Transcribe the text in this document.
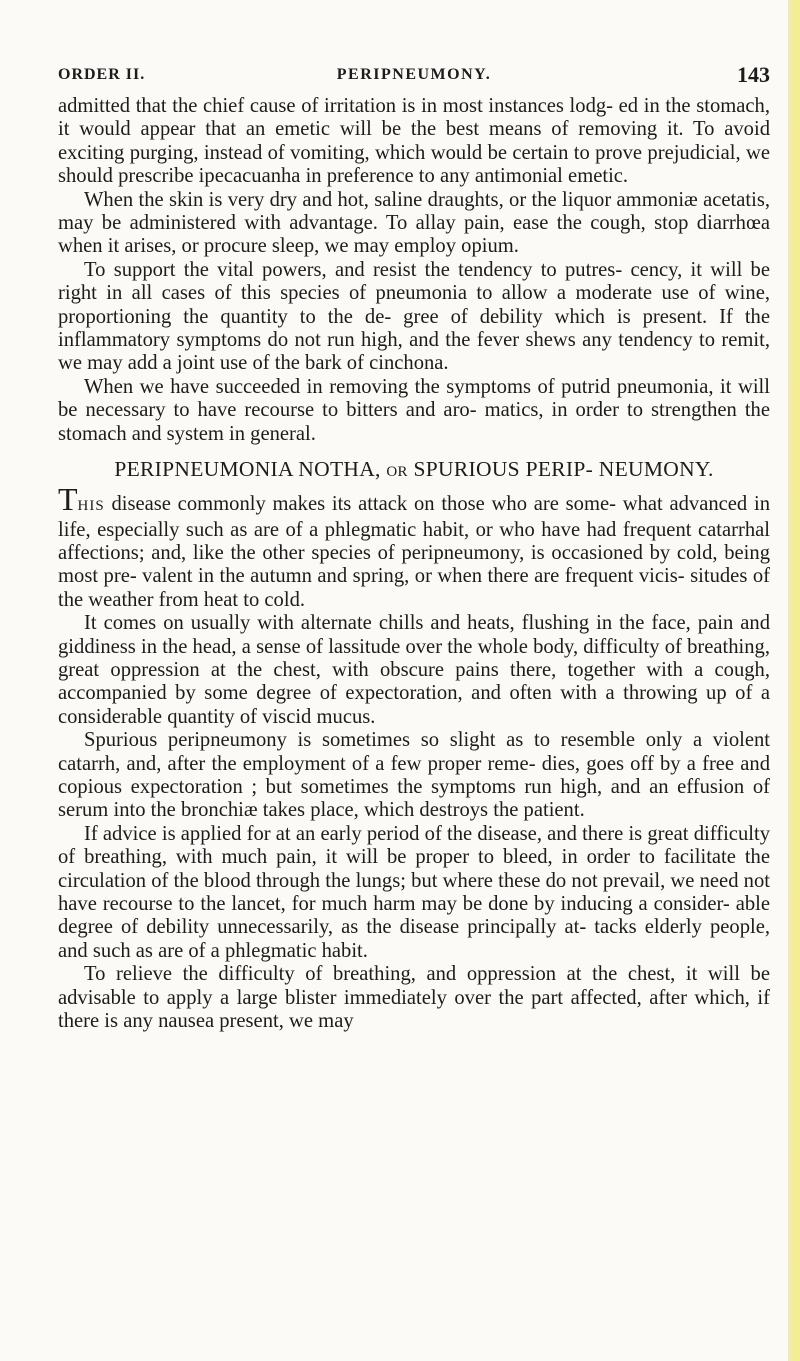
ORDER II.	PERIPNEUMONY.	143

admitted that the chief cause of irritation is in most instances lodg- ed in the stomach, it would appear that an emetic will be the best means of removing it. To avoid exciting purging, instead of vomiting, which would be certain to prove prejudicial, we should prescribe ipecacuanha in preference to any antimonial emetic.

When the skin is very dry and hot, saline draughts, or the liquor ammoniæ acetatis, may be administered with advantage. To allay pain, ease the cough, stop diarrhœa when it arises, or procure sleep, we may employ opium.

To support the vital powers, and resist the tendency to putres- cency, it will be right in all cases of this species of pneumonia to allow a moderate use of wine, proportioning the quantity to the de- gree of debility which is present. If the inflammatory symptoms do not run high, and the fever shews any tendency to remit, we may add a joint use of the bark of cinchona.

When we have succeeded in removing the symptoms of putrid pneumonia, it will be necessary to have recourse to bitters and aro- matics, in order to strengthen the stomach and system in general.

PERIPNEUMONIA NOTHA, OR SPURIOUS PERIP- NEUMONY.

THIS disease commonly makes its attack on those who are some- what advanced in life, especially such as are of a phlegmatic habit, or who have had frequent catarrhal affections; and, like the other species of peripneumony, is occasioned by cold, being most pre- valent in the autumn and spring, or when there are frequent vicis- situdes of the weather from heat to cold.

It comes on usually with alternate chills and heats, flushing in the face, pain and giddiness in the head, a sense of lassitude over the whole body, difficulty of breathing, great oppression at the chest, with obscure pains there, together with a cough, accompanied by some degree of expectoration, and often with a throwing up of a considerable quantity of viscid mucus.

Spurious peripneumony is sometimes so slight as to resemble only a violent catarrh, and, after the employment of a few proper reme- dies, goes off by a free and copious expectoration ; but sometimes the symptoms run high, and an effusion of serum into the bronchiæ takes place, which destroys the patient.

If advice is applied for at an early period of the disease, and there is great difficulty of breathing, with much pain, it will be proper to bleed, in order to facilitate the circulation of the blood through the lungs; but where these do not prevail, we need not have recourse to the lancet, for much harm may be done by inducing a consider- able degree of debility unnecessarily, as the disease principally at- tacks elderly people, and such as are of a phlegmatic habit.

To relieve the difficulty of breathing, and oppression at the chest, it will be advisable to apply a large blister immediately over the part affected, after which, if there is any nausea present, we may
